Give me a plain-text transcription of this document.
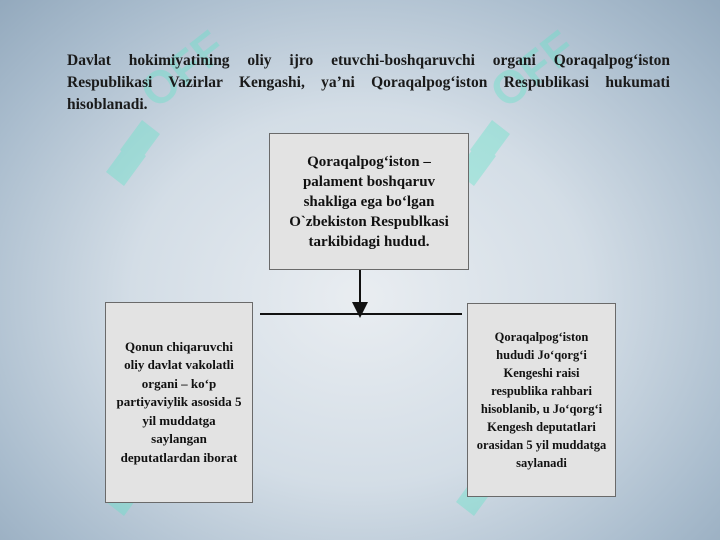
Davlat hokimiyatining oliy ijro etuvchi-boshqaruvchi organi Qoraqalpog‘iston Respublikasi Vazirlar Kengashi, ya’ni Qoraqalpog‘iston Respublikasi hukumati hisoblanadi.

Qoraqalpog‘iston – palament boshqaruv shakliga ega bo‘lgan O`zbekiston Respublkasi tarkibidagi hudud.
Qonun chiqaruvchi oliy davlat vakolatli organi – ko‘p partiyaviylik asosida 5 yil muddatga saylangan deputatlardan iborat
Qoraqalpog‘iston hududi Jo‘qorg‘i Kengeshi raisi respublika rahbari hisoblanib, u Jo‘qorg‘i Kengesh deputatlari orasidan 5 yil muddatga saylanadi
